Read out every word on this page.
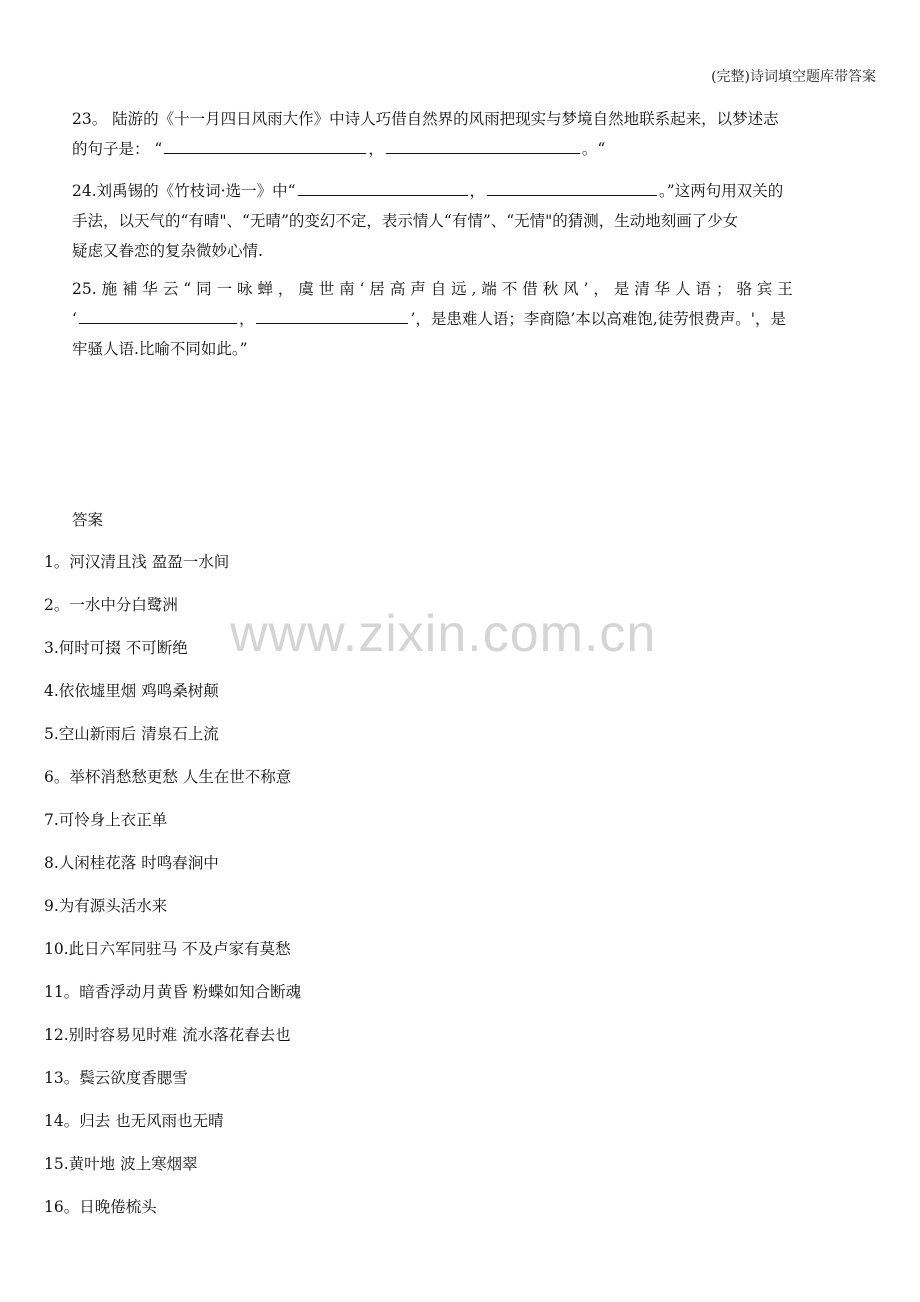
(完整)诗词填空题库带答案
23。 陆游的《十一月四日风雨大作》中诗人巧借自然界的风雨把现实与梦境自然地联系起来，以梦述志
的句子是： “	，	。“
24.刘禹锡的《竹枝词·选一》中“	，	。”这两句用双关的
手法，以天气的“有晴"、“无晴”的变幻不定，表示情人“有情”、“无情"的猜测，生动地刻画了少女
疑虑又眷恋的复杂微妙心情.
25. 施 補 华 云 “ 同 一 咏 蝉 ， 虞 世 南 ‘ 居 高 声 自 远 , 端 不 借 秋 风 ’ ， 是 清 华 人 语 ； 骆 宾 王
‘	，	’，是患难人语；李商隐’本以高难饱,徒劳恨费声。'，是
牢骚人语.比喻不同如此。”
www.zixin.com.cn
答案
1。河汉清且浅 盈盈一水间
2。一水中分白鹭洲
3.何时可掇 不可断绝
4.依依墟里烟 鸡鸣桑树颠
5.空山新雨后 清泉石上流
6。举杯消愁愁更愁 人生在世不称意
7.可怜身上衣正单
8.人闲桂花落 时鸣春涧中
9.为有源头活水来
10.此日六军同驻马 不及卢家有莫愁
11。暗香浮动月黄昏 粉蝶如知合断魂
12.别时容易见时难 流水落花春去也
13。鬓云欲度香腮雪
14。归去 也无风雨也无晴
15.黄叶地 波上寒烟翠
16。日晚倦梳头
